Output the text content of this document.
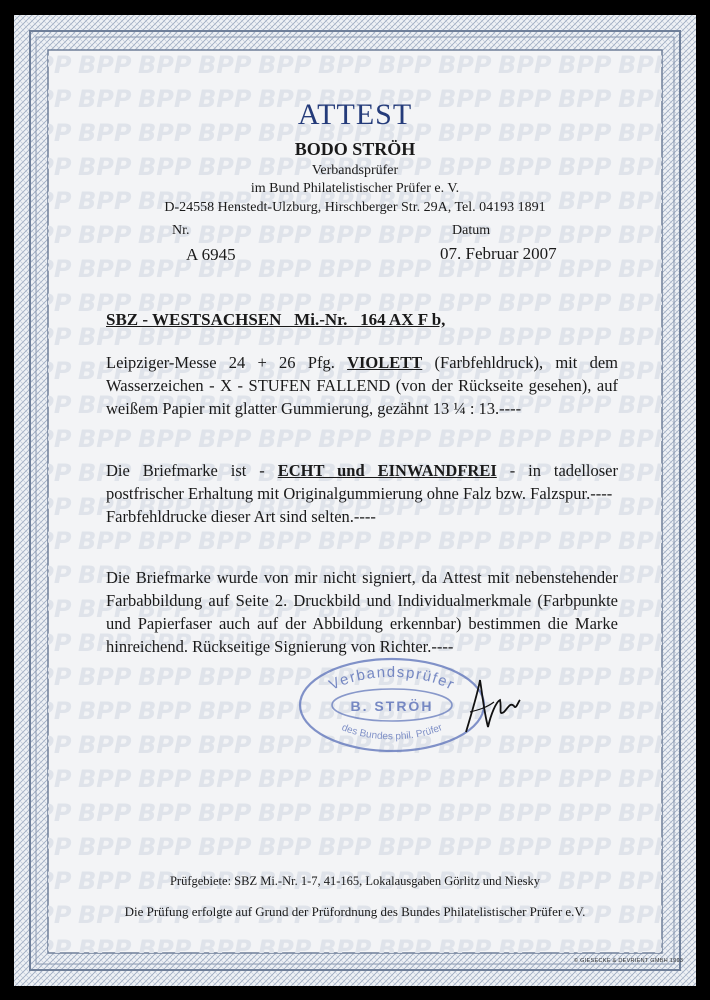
ATTEST
BODO STRÖH
Verbandsprüfer
im Bund Philatelistischer Prüfer e. V.
D-24558 Henstedt-Ulzburg, Hirschberger Str. 29A, Tel. 04193 1891
Nr.
A 6945
Datum
07. Februar 2007
SBZ - WESTSACHSEN   Mi.-Nr.   164 AX F b,

Leipziger-Messe 24 + 26 Pfg. VIOLETT (Farbfehldruck), mit dem Wasserzeichen - X - STUFEN FALLEND (von der Rückseite gesehen), auf weißem Papier mit glatter Gummierung, gezähnt 13 ¼ : 13.----

Die Briefmarke ist - ECHT und EINWANDFREI - in tadelloser postfrischer Erhaltung mit Originalgummierung ohne Falz bzw. Falzspur.----

Farbfehldrucke dieser Art sind selten.----

Die Briefmarke wurde von mir nicht signiert, da Attest mit nebenstehender Farbabbildung auf Seite 2. Druckbild und Individualmerkmale (Farbpunkte und Papierfaser auch auf der Abbildung erkennbar) bestimmen die Marke hinreichend. Rückseitige Signierung von Richter.----

Verbandsprüfer
B. STRÖH
des Bundes phil. Prüfer
Prüfgebiete: SBZ Mi.-Nr. 1-7, 41-165, Lokalausgaben Görlitz und Niesky
Die Prüfung erfolgte auf Grund der Prüfordnung des Bundes Philatelistischer Prüfer e.V.
© GIESECKE & DEVRIENT GMBH 1993
